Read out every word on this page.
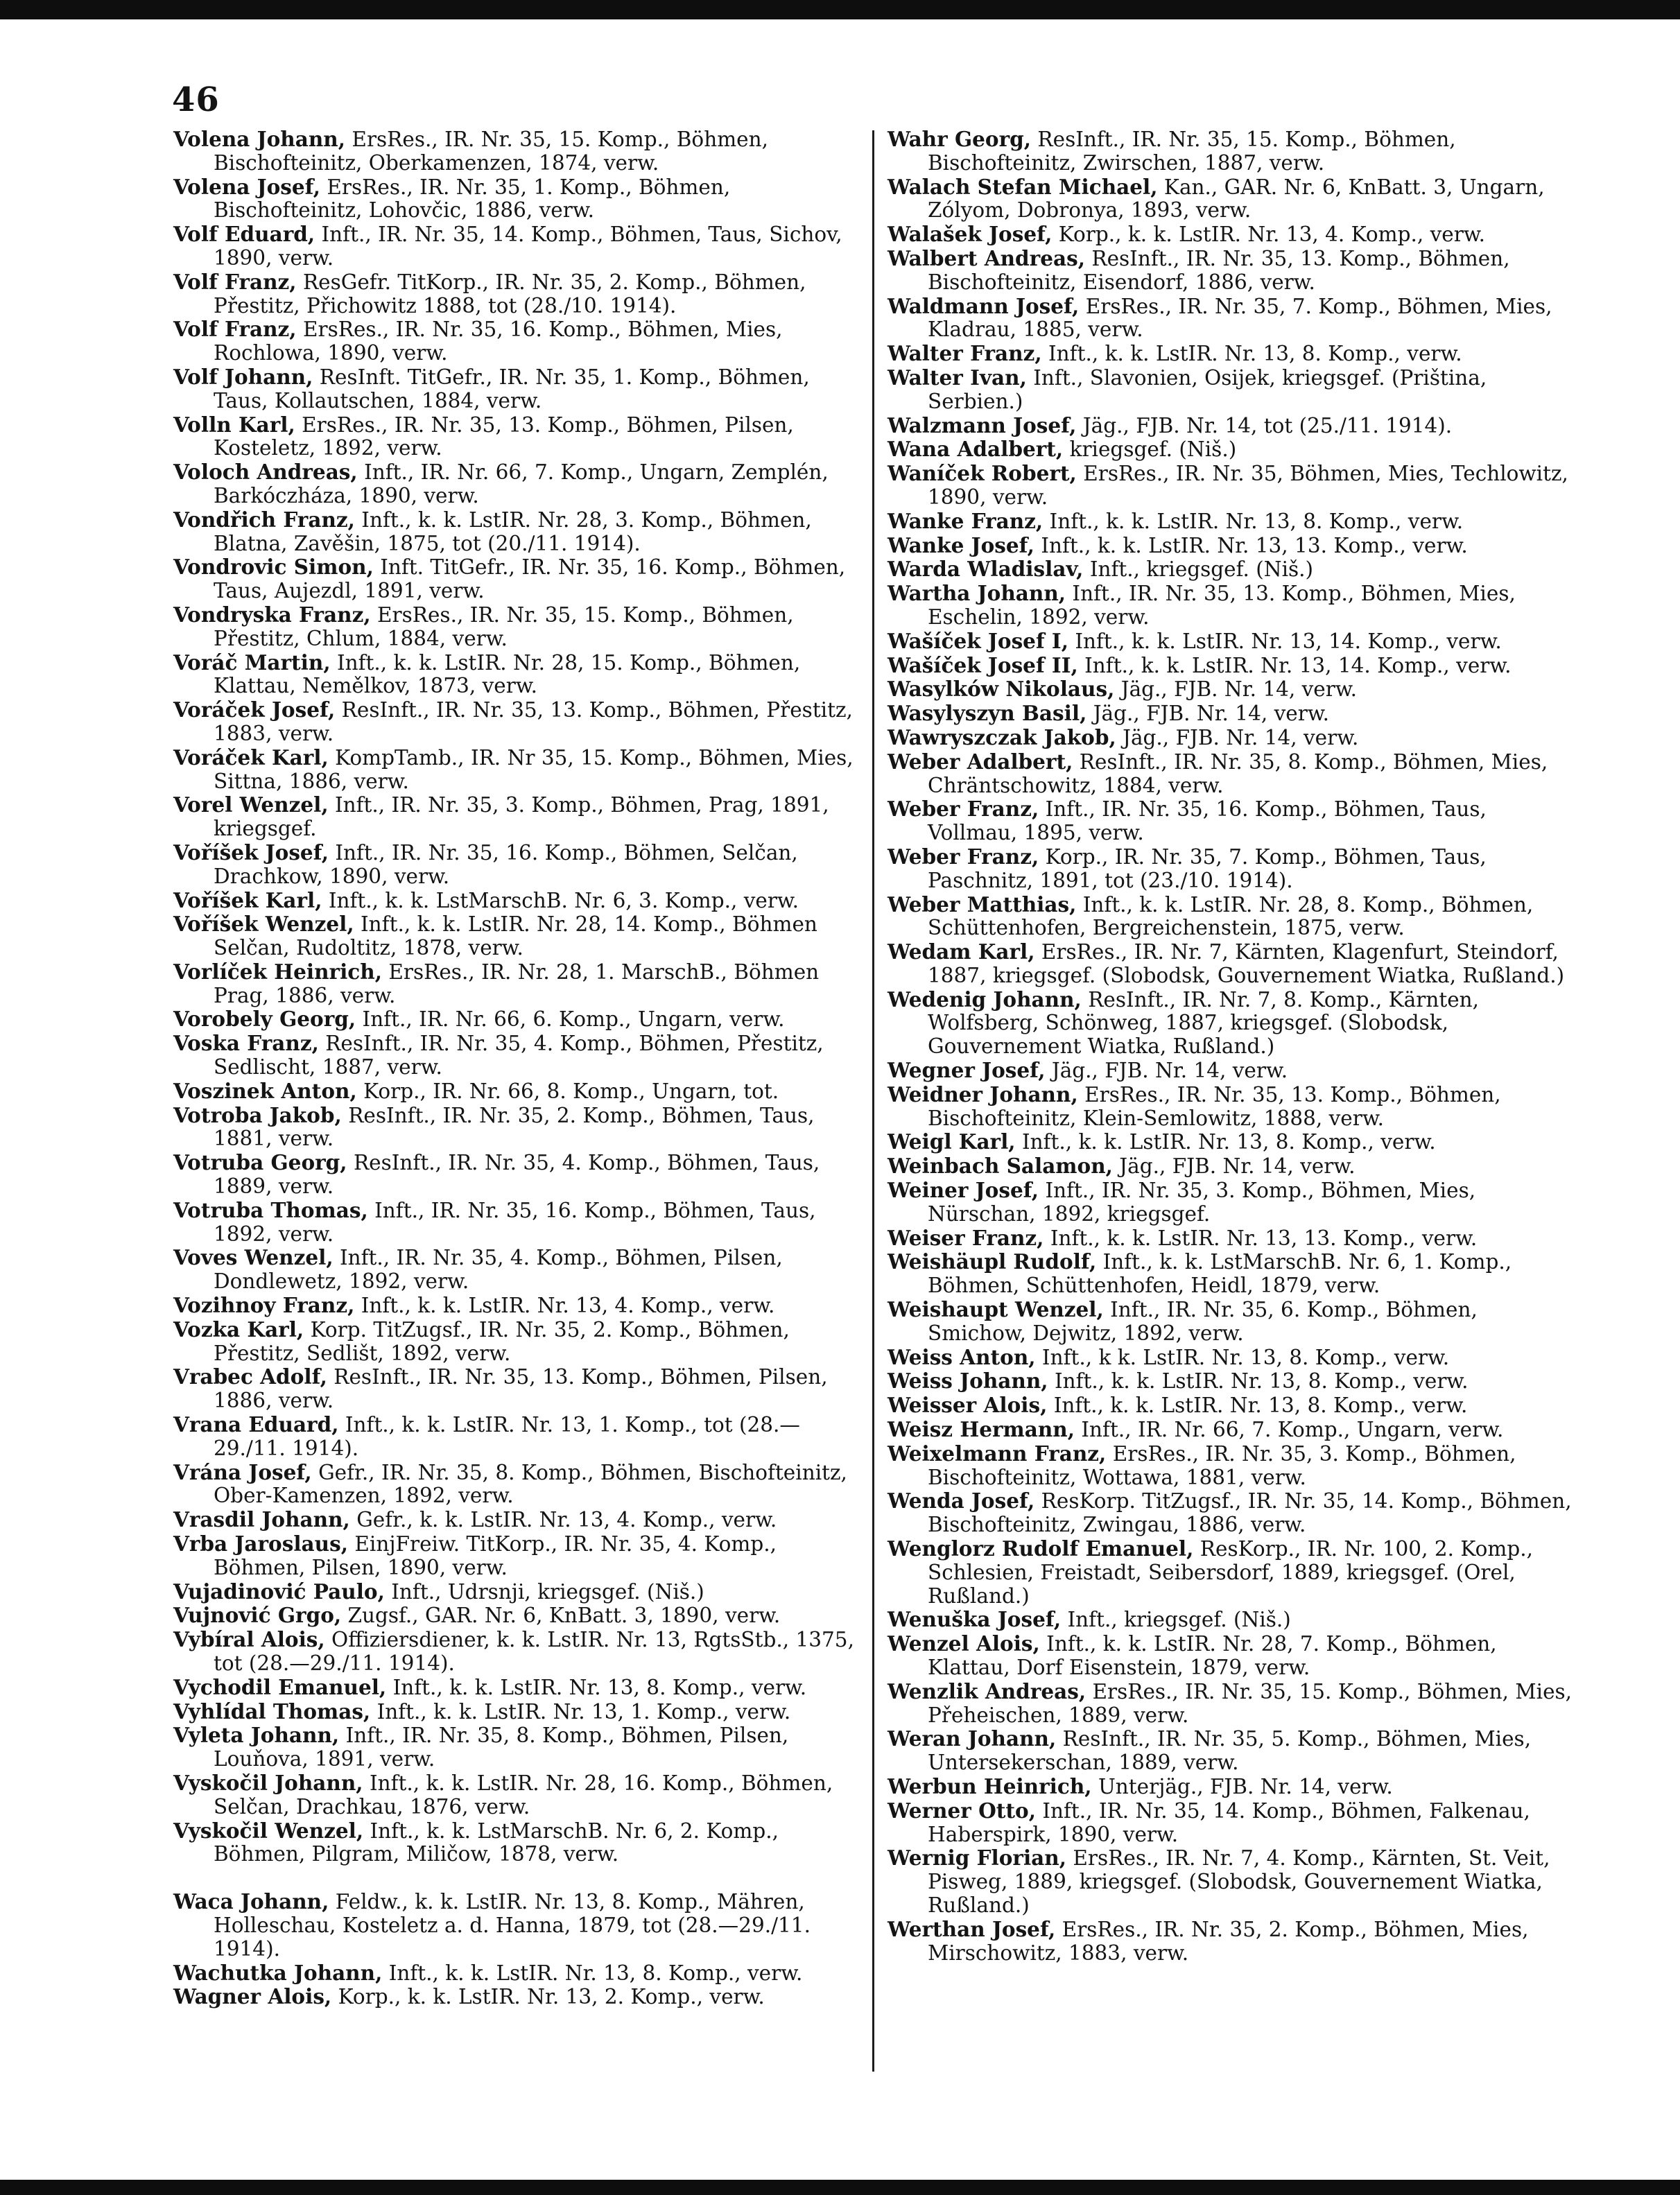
46
Volena Johann, ErsRes., IR. Nr. 35, 15. Komp., Böhmen, Bischofteinitz, Oberkamenzen, 1874, verw.
Volena Josef, ErsRes., IR. Nr. 35, 1. Komp., Böhmen, Bischofteinitz, Lohovčic, 1886, verw.
Volf Eduard, Inft., IR. Nr. 35, 14. Komp., Böhmen, Taus, Sichov, 1890, verw.
Volf Franz, ResGefr. TitKorp., IR. Nr. 35, 2. Komp., Böhmen, Přestitz, Přichowitz 1888, tot (28./10. 1914).
Volf Franz, ErsRes., IR. Nr. 35, 16. Komp., Böhmen, Mies, Rochlowa, 1890, verw.
Volf Johann, ResInft. TitGefr., IR. Nr. 35, 1. Komp., Böhmen, Taus, Kollautschen, 1884, verw.
Volln Karl, ErsRes., IR. Nr. 35, 13. Komp., Böhmen, Pilsen, Kosteletz, 1892, verw.
Voloch Andreas, Inft., IR. Nr. 66, 7. Komp., Ungarn, Zemplén, Barkóczháza, 1890, verw.
Vondřich Franz, Inft., k. k. LstIR. Nr. 28, 3. Komp., Böhmen, Blatna, Zavěšin, 1875, tot (20./11. 1914).
Vondrovic Simon, Inft. TitGefr., IR. Nr. 35, 16. Komp., Böhmen, Taus, Aujezdl, 1891, verw.
Vondryska Franz, ErsRes., IR. Nr. 35, 15. Komp., Böhmen, Přestitz, Chlum, 1884, verw.
Voráč Martin, Inft., k. k. LstIR. Nr. 28, 15. Komp., Böhmen, Klattau, Nemělkov, 1873, verw.
Voráček Josef, ResInft., IR. Nr. 35, 13. Komp., Böhmen, Přestitz, 1883, verw.
Voráček Karl, KompTamb., IR. Nr 35, 15. Komp., Böhmen, Mies, Sittna, 1886, verw.
Vorel Wenzel, Inft., IR. Nr. 35, 3. Komp., Böhmen, Prag, 1891, kriegsgef.
Voříšek Josef, Inft., IR. Nr. 35, 16. Komp., Böhmen, Selčan, Drachkow, 1890, verw.
Voříšek Karl, Inft., k. k. LstMarschB. Nr. 6, 3. Komp., verw.
Voříšek Wenzel, Inft., k. k. LstIR. Nr. 28, 14. Komp., Böhmen Selčan, Rudoltitz, 1878, verw.
Vorlíček Heinrich, ErsRes., IR. Nr. 28, 1. MarschB., Böhmen Prag, 1886, verw.
Vorobely Georg, Inft., IR. Nr. 66, 6. Komp., Ungarn, verw.
Voska Franz, ResInft., IR. Nr. 35, 4. Komp., Böhmen, Přestitz, Sedlischt, 1887, verw.
Voszinek Anton, Korp., IR. Nr. 66, 8. Komp., Ungarn, tot.
Votroba Jakob, ResInft., IR. Nr. 35, 2. Komp., Böhmen, Taus, 1881, verw.
Votruba Georg, ResInft., IR. Nr. 35, 4. Komp., Böhmen, Taus, 1889, verw.
Votruba Thomas, Inft., IR. Nr. 35, 16. Komp., Böhmen, Taus, 1892, verw.
Voves Wenzel, Inft., IR. Nr. 35, 4. Komp., Böhmen, Pilsen, Dondlewetz, 1892, verw.
Vozihnoy Franz, Inft., k. k. LstIR. Nr. 13, 4. Komp., verw.
Vozka Karl, Korp. TitZugsf., IR. Nr. 35, 2. Komp., Böhmen, Přestitz, Sedlišt, 1892, verw.
Vrabec Adolf, ResInft., IR. Nr. 35, 13. Komp., Böhmen, Pilsen, 1886, verw.
Vrana Eduard, Inft., k. k. LstIR. Nr. 13, 1. Komp., tot (28.—29./11. 1914).
Vrána Josef, Gefr., IR. Nr. 35, 8. Komp., Böhmen, Bischofteinitz, Ober-Kamenzen, 1892, verw.
Vrasdil Johann, Gefr., k. k. LstIR. Nr. 13, 4. Komp., verw.
Vrba Jaroslaus, EinjFreiw. TitKorp., IR. Nr. 35, 4. Komp., Böhmen, Pilsen, 1890, verw.
Vujadinović Paulo, Inft., Udrsnji, kriegsgef. (Niš.)
Vujnović Grgo, Zugsf., GAR. Nr. 6, KnBatt. 3, 1890, verw.
Vybíral Alois, Offiziersdiener, k. k. LstIR. Nr. 13, RgtsStb., 1375, tot (28.—29./11. 1914).
Vychodil Emanuel, Inft., k. k. LstIR. Nr. 13, 8. Komp., verw.
Vyhlídal Thomas, Inft., k. k. LstIR. Nr. 13, 1. Komp., verw.
Vyleta Johann, Inft., IR. Nr. 35, 8. Komp., Böhmen, Pilsen, Louňova, 1891, verw.
Vyskočil Johann, Inft., k. k. LstIR. Nr. 28, 16. Komp., Böhmen, Selčan, Drachkau, 1876, verw.
Vyskočil Wenzel, Inft., k. k. LstMarschB. Nr. 6, 2. Komp., Böhmen, Pilgram, Miličow, 1878, verw.
Waca Johann, Feldw., k. k. LstIR. Nr. 13, 8. Komp., Mähren, Holleschau, Kosteletz a. d. Hanna, 1879, tot (28.—29./11. 1914).
Wachutka Johann, Inft., k. k. LstIR. Nr. 13, 8. Komp., verw.
Wagner Alois, Korp., k. k. LstIR. Nr. 13, 2. Komp., verw.
Wahr Georg, ResInft., IR. Nr. 35, 15. Komp., Böhmen, Bischofteinitz, Zwirschen, 1887, verw.
Walach Stefan Michael, Kan., GAR. Nr. 6, KnBatt. 3, Ungarn, Zólyom, Dobronya, 1893, verw.
Walašek Josef, Korp., k. k. LstIR. Nr. 13, 4. Komp., verw.
Walbert Andreas, ResInft., IR. Nr. 35, 13. Komp., Böhmen, Bischofteinitz, Eisendorf, 1886, verw.
Waldmann Josef, ErsRes., IR. Nr. 35, 7. Komp., Böhmen, Mies, Kladrau, 1885, verw.
Walter Franz, Inft., k. k. LstIR. Nr. 13, 8. Komp., verw.
Walter Ivan, Inft., Slavonien, Osijek, kriegsgef. (Priština, Serbien.)
Walzmann Josef, Jäg., FJB. Nr. 14, tot (25./11. 1914).
Wana Adalbert, kriegsgef. (Niš.)
Waníček Robert, ErsRes., IR. Nr. 35, Böhmen, Mies, Techlowitz, 1890, verw.
Wanke Franz, Inft., k. k. LstIR. Nr. 13, 8. Komp., verw.
Wanke Josef, Inft., k. k. LstIR. Nr. 13, 13. Komp., verw.
Warda Wladislav, Inft., kriegsgef. (Niš.)
Wartha Johann, Inft., IR. Nr. 35, 13. Komp., Böhmen, Mies, Eschelin, 1892, verw.
Wašíček Josef I, Inft., k. k. LstIR. Nr. 13, 14. Komp., verw.
Wašíček Josef II, Inft., k. k. LstIR. Nr. 13, 14. Komp., verw.
Wasylków Nikolaus, Jäg., FJB. Nr. 14, verw.
Wasylyszyn Basil, Jäg., FJB. Nr. 14, verw.
Wawryszczak Jakob, Jäg., FJB. Nr. 14, verw.
Weber Adalbert, ResInft., IR. Nr. 35, 8. Komp., Böhmen, Mies, Chräntschowitz, 1884, verw.
Weber Franz, Inft., IR. Nr. 35, 16. Komp., Böhmen, Taus, Vollmau, 1895, verw.
Weber Franz, Korp., IR. Nr. 35, 7. Komp., Böhmen, Taus, Paschnitz, 1891, tot (23./10. 1914).
Weber Matthias, Inft., k. k. LstIR. Nr. 28, 8. Komp., Böhmen, Schüttenhofen, Bergreichenstein, 1875, verw.
Wedam Karl, ErsRes., IR. Nr. 7, Kärnten, Klagenfurt, Steindorf, 1887, kriegsgef. (Slobodsk, Gouvernement Wiatka, Rußland.)
Wedenig Johann, ResInft., IR. Nr. 7, 8. Komp., Kärnten, Wolfsberg, Schönweg, 1887, kriegsgef. (Slobodsk, Gouvernement Wiatka, Rußland.)
Wegner Josef, Jäg., FJB. Nr. 14, verw.
Weidner Johann, ErsRes., IR. Nr. 35, 13. Komp., Böhmen, Bischofteinitz, Klein-Semlowitz, 1888, verw.
Weigl Karl, Inft., k. k. LstIR. Nr. 13, 8. Komp., verw.
Weinbach Salamon, Jäg., FJB. Nr. 14, verw.
Weiner Josef, Inft., IR. Nr. 35, 3. Komp., Böhmen, Mies, Nürschan, 1892, kriegsgef.
Weiser Franz, Inft., k. k. LstIR. Nr. 13, 13. Komp., verw.
Weishäupl Rudolf, Inft., k. k. LstMarschB. Nr. 6, 1. Komp., Böhmen, Schüttenhofen, Heidl, 1879, verw.
Weishaupt Wenzel, Inft., IR. Nr. 35, 6. Komp., Böhmen, Smichow, Dejwitz, 1892, verw.
Weiss Anton, Inft., k k. LstIR. Nr. 13, 8. Komp., verw.
Weiss Johann, Inft., k. k. LstIR. Nr. 13, 8. Komp., verw.
Weisser Alois, Inft., k. k. LstIR. Nr. 13, 8. Komp., verw.
Weisz Hermann, Inft., IR. Nr. 66, 7. Komp., Ungarn, verw.
Weixelmann Franz, ErsRes., IR. Nr. 35, 3. Komp., Böhmen, Bischofteinitz, Wottawa, 1881, verw.
Wenda Josef, ResKorp. TitZugsf., IR. Nr. 35, 14. Komp., Böhmen, Bischofteinitz, Zwingau, 1886, verw.
Wenglorz Rudolf Emanuel, ResKorp., IR. Nr. 100, 2. Komp., Schlesien, Freistadt, Seibersdorf, 1889, kriegsgef. (Orel, Rußland.)
Wenuška Josef, Inft., kriegsgef. (Niš.)
Wenzel Alois, Inft., k. k. LstIR. Nr. 28, 7. Komp., Böhmen, Klattau, Dorf Eisenstein, 1879, verw.
Wenzlik Andreas, ErsRes., IR. Nr. 35, 15. Komp., Böhmen, Mies, Přeheischen, 1889, verw.
Weran Johann, ResInft., IR. Nr. 35, 5. Komp., Böhmen, Mies, Untersekerschan, 1889, verw.
Werbun Heinrich, Unterjäg., FJB. Nr. 14, verw.
Werner Otto, Inft., IR. Nr. 35, 14. Komp., Böhmen, Falkenau, Haberspirk, 1890, verw.
Wernig Florian, ErsRes., IR. Nr. 7, 4. Komp., Kärnten, St. Veit, Pisweg, 1889, kriegsgef. (Slobodsk, Gouvernement Wiatka, Rußland.)
Werthan Josef, ErsRes., IR. Nr. 35, 2. Komp., Böhmen, Mies, Mirschowitz, 1883, verw.
